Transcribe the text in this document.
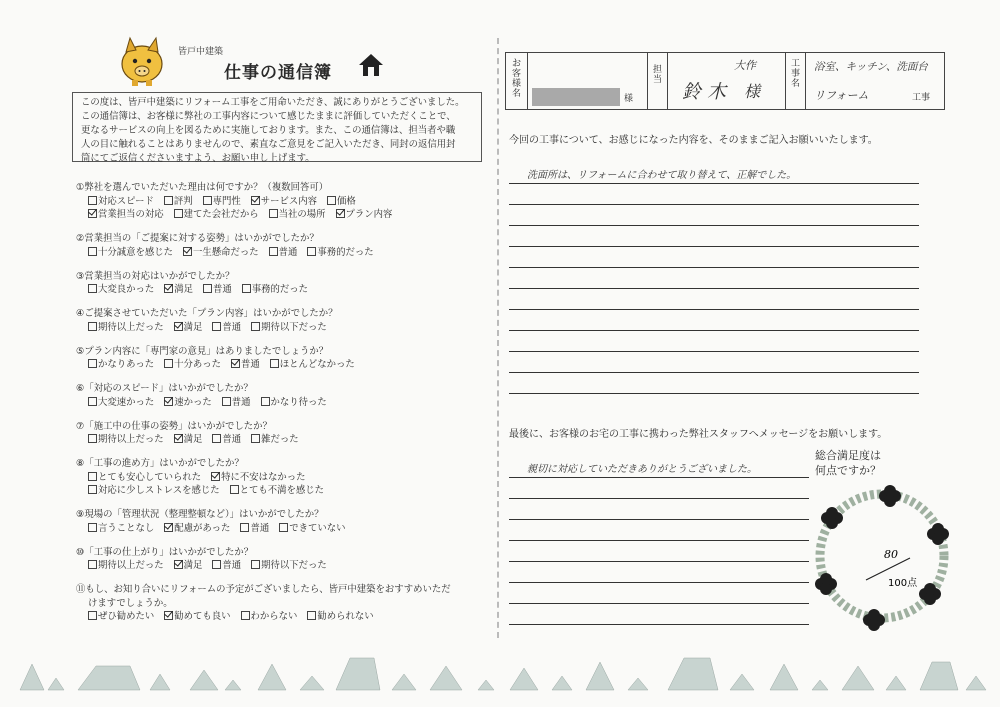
皆戸中建築
仕事の通信簿

この度は、皆戸中建築にリフォーム工事をご用命いただき、誠にありがとうございました。

この通信簿は、お客様に弊社の工事内容について感じたままに評価していただくことで、

更なるサービスの向上を図るために実施しております。また、この通信簿は、担当者や職

人の目に触れることはありませんので、素直なご意見をご記入いただき、同封の返信用封

筒にてご返信くださいますよう、お願い申し上げます。

①弊社を選んでいただいた理由は何ですか？（複数回答可）
対応スピード 評判 専門性 サービス内容 価格
営業担当の対応 建てた会社だから 当社の場所 プラン内容
②営業担当の「ご提案に対する姿勢」はいかがでしたか？
十分誠意を感じた 一生懸命だった 普通 事務的だった
③営業担当の対応はいかがでしたか？
大変良かった 満足 普通 事務的だった
④ご提案させていただいた「プラン内容」はいかがでしたか？
期待以上だった 満足 普通 期待以下だった
⑤プラン内容に「専門家の意見」はありましたでしょうか？
かなりあった 十分あった 普通 ほとんどなかった
⑥「対応のスピード」はいかがでしたか？
大変速かった 速かった 普通 かなり待った
⑦「施工中の仕事の姿勢」はいかがでしたか？
期待以上だった 満足 普通 雑だった
⑧「工事の進め方」はいかがでしたか？
とても安心していられた 特に不安はなかった
対応に少しストレスを感じた とても不満を感じた
⑨現場の「管理状況（整理整頓など）」はいかがでしたか？
言うことなし 配慮があった 普通 できていない
⑩「工事の仕上がり」はいかがでしたか？
期待以上だった 満足 普通 期待以下だった
⑪もし、お知り合いにリフォームの予定がございましたら、皆戸中建築をおすすめいただ
けますでしょうか。
ぜひ勧めたい 勧めても良い わからない 勧められない
お客様名
担当
大作
鈴木 様
工事名
浴室、キッチン、洗面台
リフォーム	工事
様
今回の工事について、お感じになった内容を、そのままご記入お願いいたします。
洗面所は、リフォームに合わせて取り替えて、正解でした。
最後に、お客様のお宅の工事に携わった弊社スタッフへメッセージをお願いします。
親切に対応していただきありがとうございました。
総合満足度は
何点ですか？
80
100点
